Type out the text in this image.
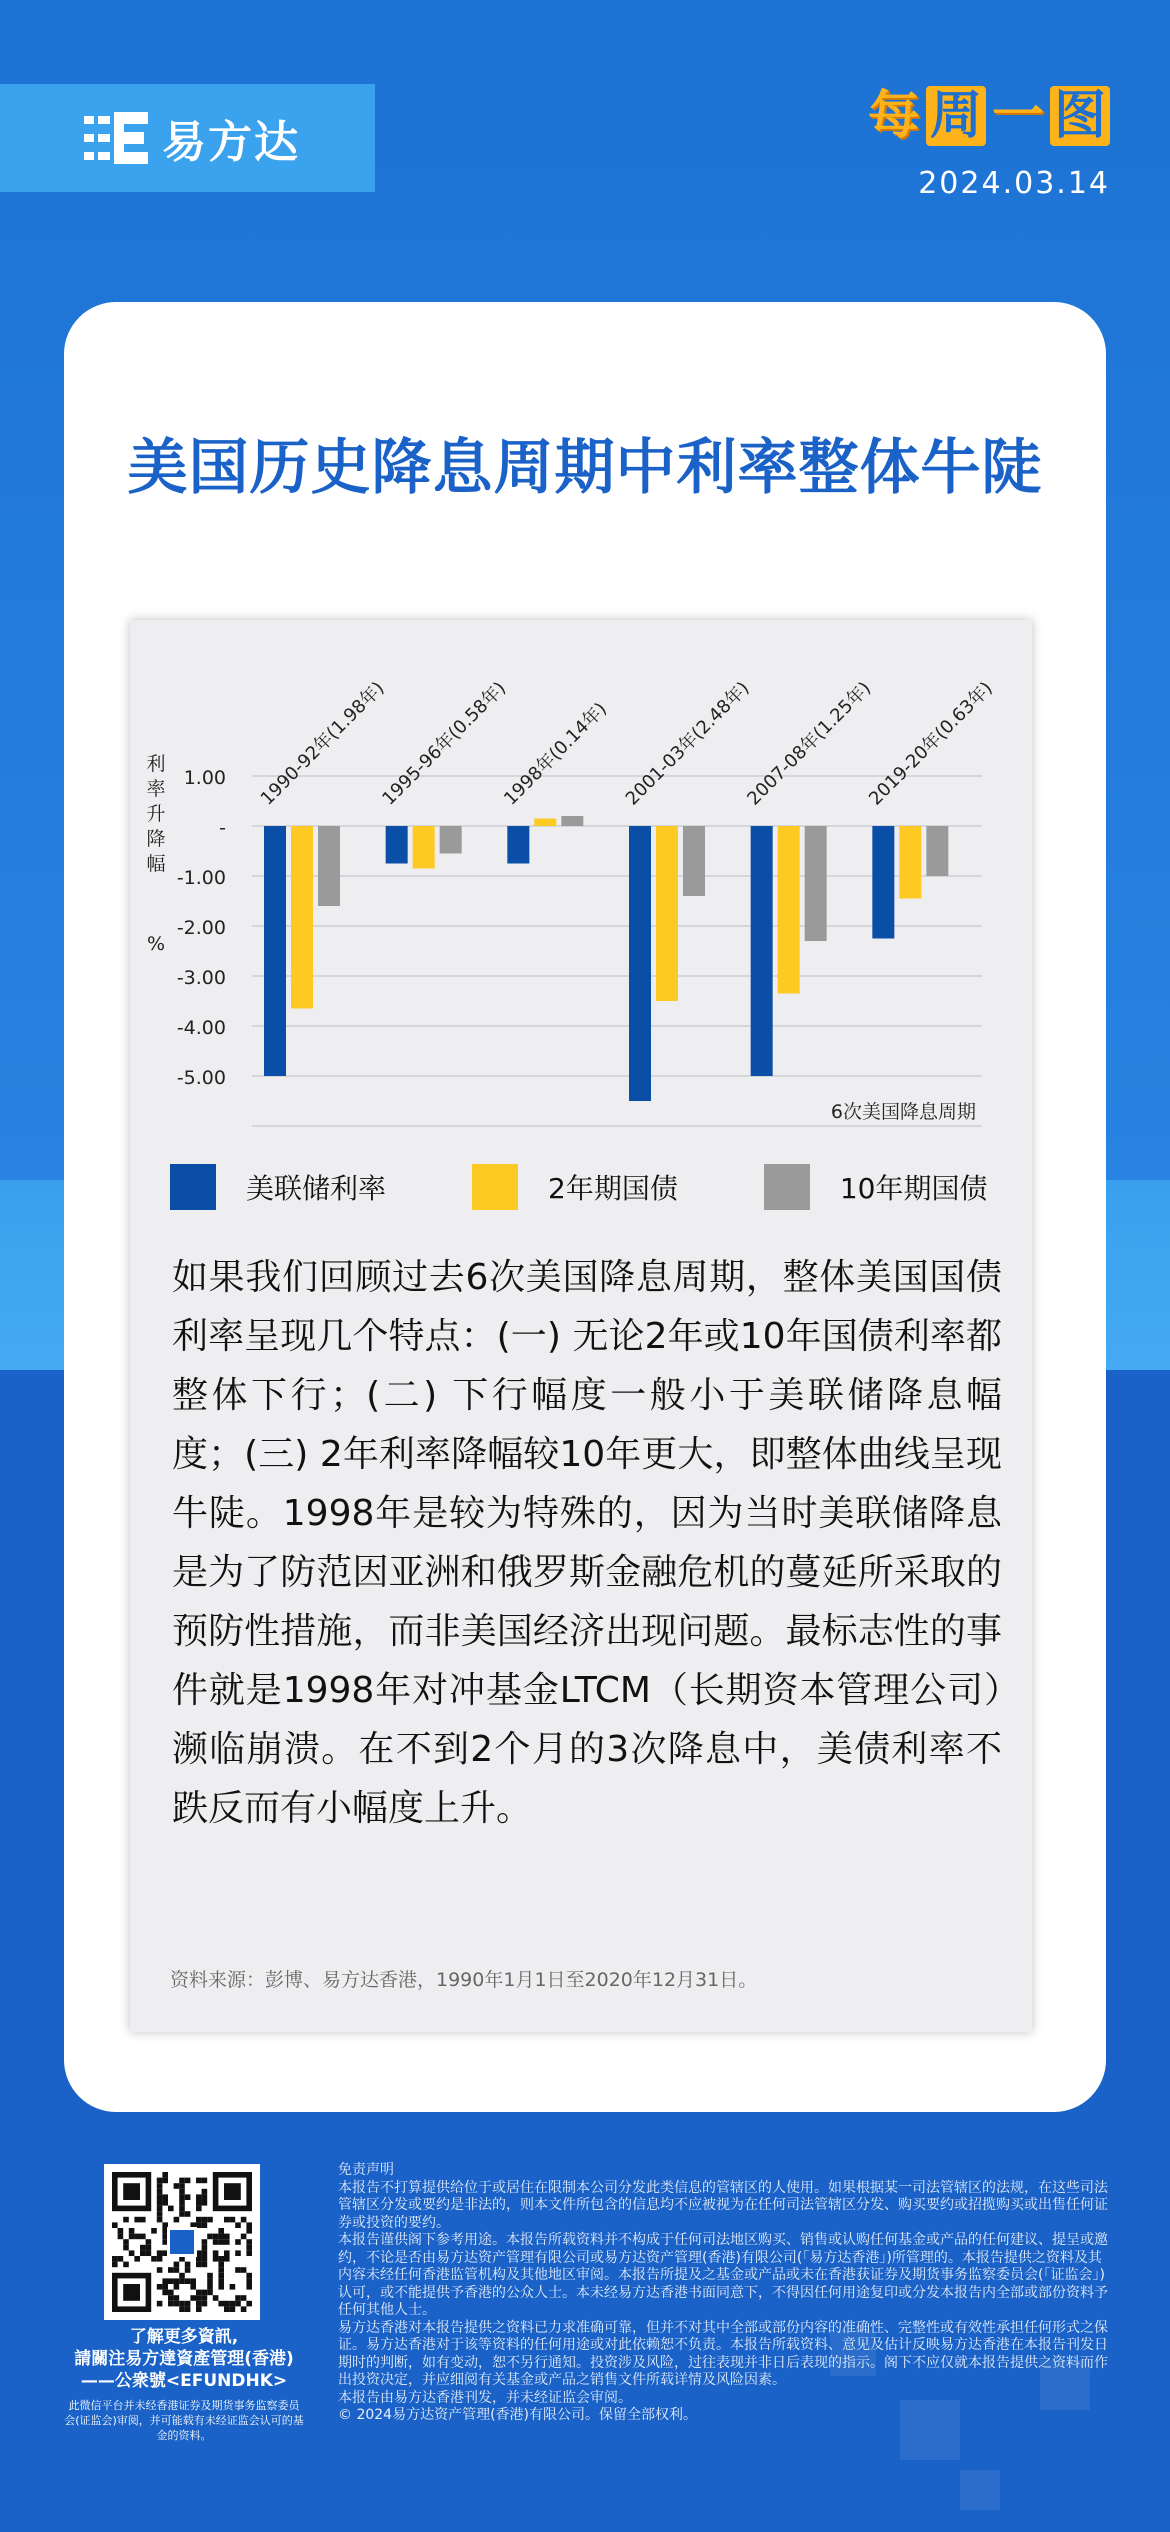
易方达	每 周 一 图
2024.03.14
美国历史降息周期中利率整体牛陡
1.00
-
-1.00
-2.00
-3.00
-4.00
-5.00
利
率
升
降
幅
%
1990-92年(1.98年)
1995-96年(0.58年)
1998年(0.14年) 2001-03年(2.48年)
2007-08年(1.25年)
2019-20年(0.63年)
6次美国降息周期
美联储利率	2年期国债	10年期国债
如果我们回顾过去6次美国降息周期，整体美国国债利率呈现几个特点：(一) 无论2年或10年国债利率都整体下行；(二) 下行幅度一般小于美联储降息幅度；(三) 2年利率降幅较10年更大，即整体曲线呈现牛陡。1998年是较为特殊的，因为当时美联储降息是为了防范因亚洲和俄罗斯金融危机的蔓延所采取的预防性措施，而非美国经济出现问题。最标志性的事件就是1998年对冲基金LTCM（长期资本管理公司）濒临崩溃。在不到2个月的3次降息中，美债利率不跌反而有小幅度上升。
资料来源：彭博、易方达香港，1990年1月1日至2020年12月31日。
了解更多資訊,
請關注易方達資產管理(香港)
——公衆號<EFUNDHK>
此微信平台并未经香港证券及期货事务监察委员会(证监会)审阅，并可能载有未经证监会认可的基金的资料。

免责声明

本报告不打算提供给位于或居住在限制本公司分发此类信息的管辖区的人使用。如果根据某一司法管辖区的法规，在这些司法管辖区分发或要约是非法的，则本文件所包含的信息均不应被视为在任何司法管辖区分发、购买要约或招揽购买或出售任何证券或投资的要约。

本报告谨供阁下参考用途。本报告所载资料并不构成于任何司法地区购买、销售或认购任何基金或产品的任何建议、提呈或邀约，不论是否由易方达资产管理有限公司或易方达资产管理(香港)有限公司(「易方达香港」)所管理的。本报告提供之资料及其内容未经任何香港监管机构及其他地区审阅。本报告所提及之基金或产品或未在香港获证券及期货事务监察委员会(「证监会」)认可，或不能提供予香港的公众人士。本未经易方达香港书面同意下，不得因任何用途复印或分发本报告内全部或部份资料予任何其他人士。

易方达香港对本报告提供之资料已力求准确可靠，但并不对其中全部或部份内容的准确性、完整性或有效性承担任何形式之保证。易方达香港对于该等资料的任何用途或对此依赖恕不负责。本报告所载资料、意见及估计反映易方达香港在本报告刊发日期时的判断，如有变动，恕不另行通知。投资涉及风险，过往表现并非日后表现的指示。阁下不应仅就本报告提供之资料而作出投资决定，并应细阅有关基金或产品之销售文件所载详情及风险因素。

本报告由易方达香港刊发，并未经证监会审阅。

© 2024易方达资产管理(香港)有限公司。保留全部权利。
